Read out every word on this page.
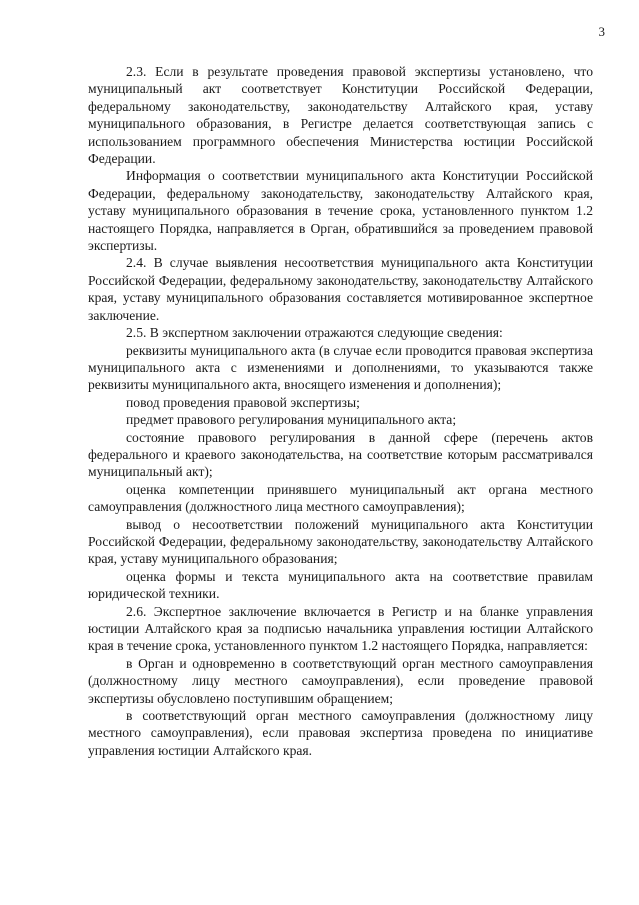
3

2.3. Если в результате проведения правовой экспертизы установлено, что муниципальный акт соответствует Конституции Российской Федерации, федеральному законодательству, законодательству Алтайского края, уставу муниципального образования, в Регистре делается соответствующая запись с использованием программного обеспечения Министерства юстиции Российской Федерации.

Информация о соответствии муниципального акта Конституции Российской Федерации, федеральному законодательству, законодательству Алтайского края, уставу муниципального образования в течение срока, установленного пунктом 1.2 настоящего Порядка, направляется в Орган, обратившийся за проведением правовой экспертизы.

2.4. В случае выявления несоответствия муниципального акта Конституции Российской Федерации, федеральному законодательству, законодательству Алтайского края, уставу муниципального образования составляется мотивированное экспертное заключение.

2.5. В экспертном заключении отражаются следующие сведения:

реквизиты муниципального акта (в случае если проводится правовая экспертиза муниципального акта с изменениями и дополнениями, то указываются также реквизиты муниципального акта, вносящего изменения и дополнения);

повод проведения правовой экспертизы;

предмет правового регулирования муниципального акта;

состояние правового регулирования в данной сфере (перечень актов федерального и краевого законодательства, на соответствие которым рассматривался муниципальный акт);

оценка компетенции принявшего муниципальный акт органа местного самоуправления (должностного лица местного самоуправления);

вывод о несоответствии положений муниципального акта Конституции Российской Федерации, федеральному законодательству, законодательству Алтайского края, уставу муниципального образования;

оценка формы и текста муниципального акта на соответствие правилам юридической техники.

2.6. Экспертное заключение включается в Регистр и на бланке управления юстиции Алтайского края за подписью начальника управления юстиции Алтайского края в течение срока, установленного пунктом 1.2 настоящего Порядка, направляется:

в Орган и одновременно в соответствующий орган местного самоуправления (должностному лицу местного самоуправления), если проведение правовой экспертизы обусловлено поступившим обращением;

в соответствующий орган местного самоуправления (должностному лицу местного самоуправления), если правовая экспертиза проведена по инициативе управления юстиции Алтайского края.
